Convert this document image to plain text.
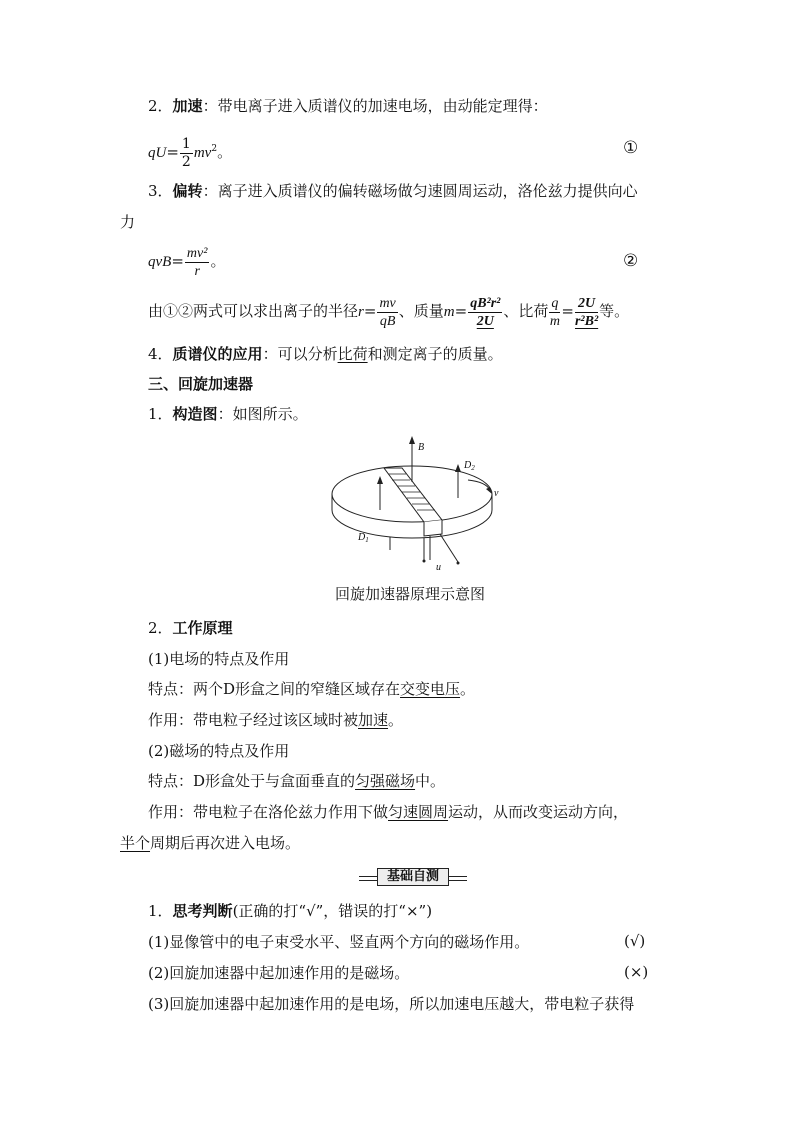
2．加速：带电离子进入质谱仪的加速电场，由动能定理得：
$qU= \frac{1}{2} mv^2$。	①
3．偏转：离子进入质谱仪的偏转磁场做匀速圆周运动，洛伦兹力提供向心
力
$qvB= \frac{\text{mv²}}{r}$ 。	②
由①②两式可以求出离子的半径$r= \frac{mv}{qB}$ 、质量$m= \frac{\text{qB²r²}}{2U}$ 、比荷 $\frac{q}{m} = \frac{2U}{\text{r²B²}}$ 等。
4．质谱仪的应用：可以分析比荷和测定离子的质量。
三、回旋加速器
1．构造图：如图所示。
B
$D_2$
$D_1$
v
u
回旋加速器原理示意图
2．工作原理
(1)电场的特点及作用
特点：两个D形盒之间的窄缝区域存在交变电压。
作用：带电粒子经过该区域时被加速。
(2)磁场的特点及作用
特点：D形盒处于与盒面垂直的匀强磁场中。
作用：带电粒子在洛伦兹力作用下做匀速圆周运动，从而改变运动方向，
半个周期后再次进入电场。
基础自测
1．思考判断(正确的打“√”，错误的打“×”)
(1)显像管中的电子束受水平、竖直两个方向的磁场作用。	(√)
(2)回旋加速器中起加速作用的是磁场。	(×)
(3)回旋加速器中起加速作用的是电场，所以加速电压越大，带电粒子获得
